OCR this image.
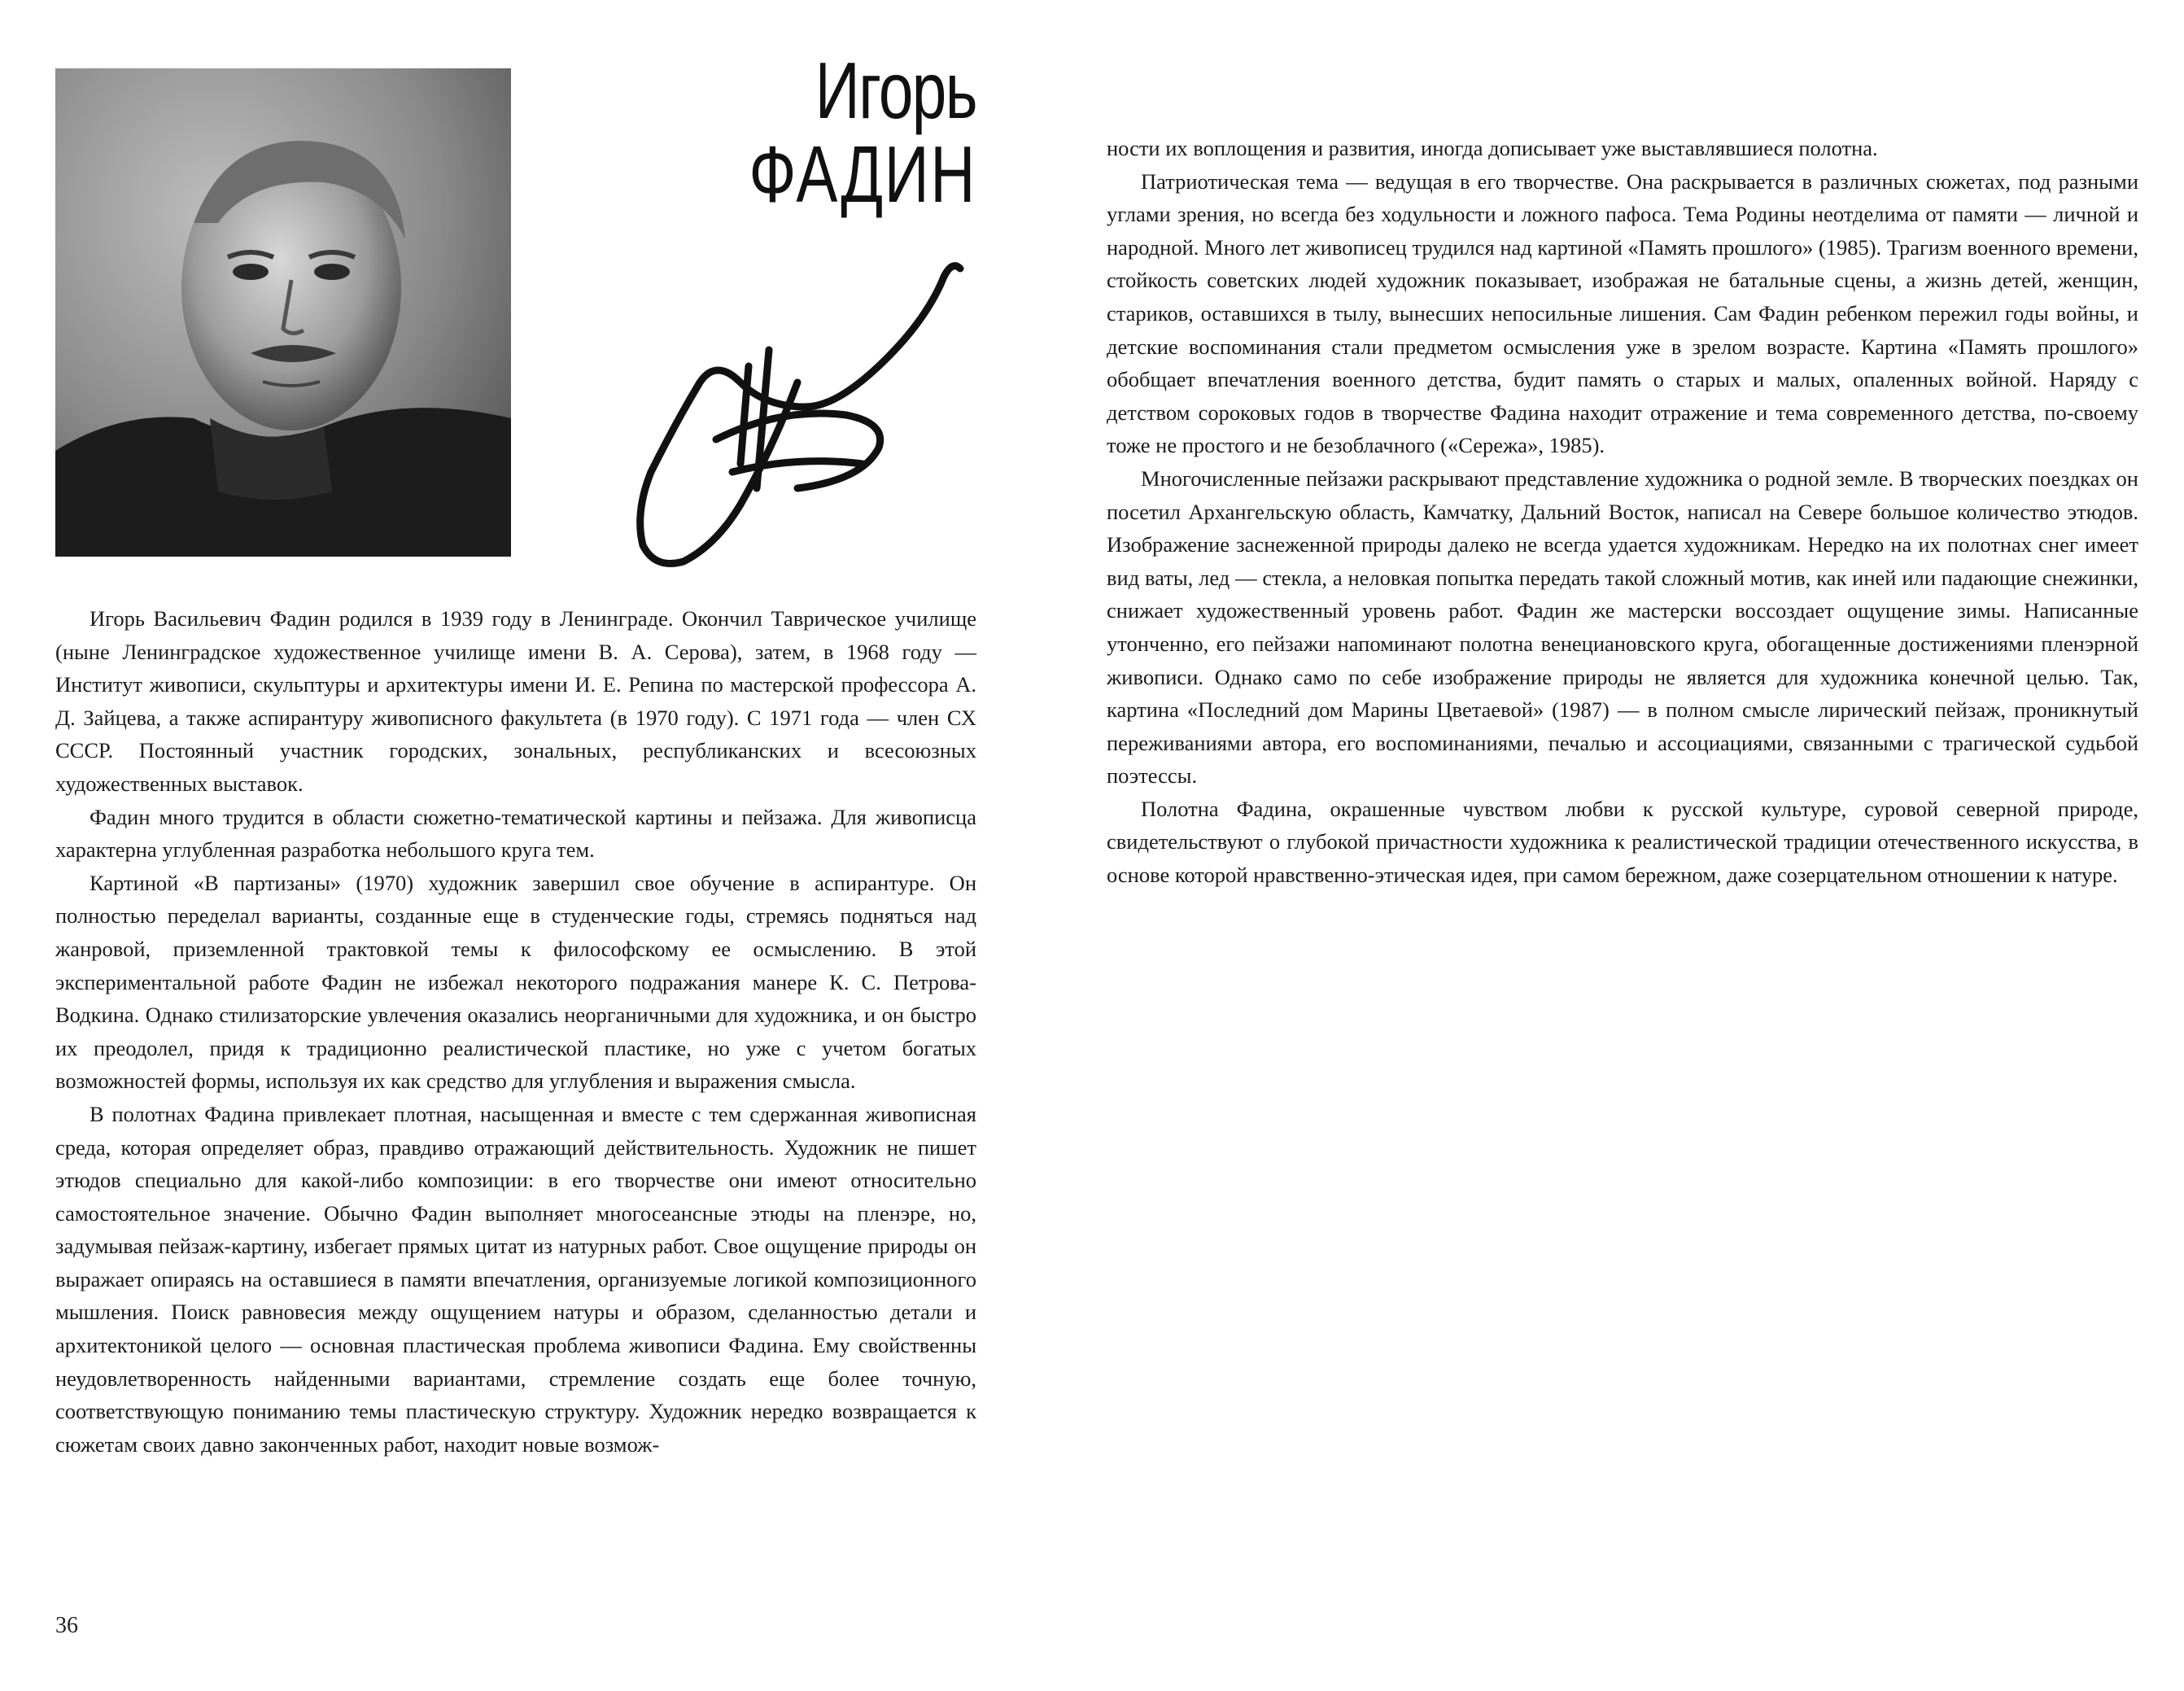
Игорь
ФАДИН

Игорь Васильевич Фадин родился в 1939 году в Ленинграде. Окончил Таврическое училище (ныне Ленинградское художественное училище имени В. А. Серова), затем, в 1968 году — Институт живописи, скульптуры и архитектуры имени И. Е. Репина по мастерской профессора А. Д. Зайцева, а также аспирантуру живописного факультета (в 1970 году). С 1971 года — член СХ СССР. Постоянный участник городских, зональных, республиканских и всесоюзных художественных выставок.

Фадин много трудится в области сюжетно-тематической картины и пейзажа. Для живописца характерна углубленная разработка небольшого круга тем.

Картиной «В партизаны» (1970) художник завершил свое обучение в аспирантуре. Он полностью переделал варианты, созданные еще в студенческие годы, стремясь подняться над жанровой, приземленной трактовкой темы к философскому ее осмыслению. В этой экспериментальной работе Фадин не избежал некоторого подражания манере К. С. Петрова-Водкина. Однако стилизаторские увлечения оказались неорганичными для художника, и он быстро их преодолел, придя к традиционно реалистической пластике, но уже с учетом богатых возможностей формы, используя их как средство для углубления и выражения смысла.

В полотнах Фадина привлекает плотная, насыщенная и вместе с тем сдержанная живописная среда, которая определяет образ, правдиво отражающий действительность. Художник не пишет этюдов специально для какой-либо композиции: в его творчестве они имеют относительно самостоятельное значение. Обычно Фадин выполняет многосеансные этюды на пленэре, но, задумывая пейзаж-картину, избегает прямых цитат из натурных работ. Свое ощущение природы он выражает опираясь на оставшиеся в памяти впечатления, организуемые логикой композиционного мышления. Поиск равновесия между ощущением натуры и образом, сделанностью детали и архитектоникой целого — основная пластическая проблема живописи Фадина. Ему свойственны неудовлетворенность найденными вариантами, стремление создать еще более точную, соответствующую пониманию темы пластическую структуру. Художник нередко возвращается к сюжетам своих давно законченных работ, находит новые возмож-

36

ности их воплощения и развития, иногда дописывает уже выставлявшиеся полотна.

Патриотическая тема — ведущая в его творчестве. Она раскрывается в различных сюжетах, под разными углами зрения, но всегда без ходульности и ложного пафоса. Тема Родины неотделима от памяти — личной и народной. Много лет живописец трудился над картиной «Память прошлого» (1985). Трагизм военного времени, стойкость советских людей художник показывает, изображая не батальные сцены, а жизнь детей, женщин, стариков, оставшихся в тылу, вынесших непосильные лишения. Сам Фадин ребенком пережил годы войны, и детские воспоминания стали предметом осмысления уже в зрелом возрасте. Картина «Память прошлого» обобщает впечатления военного детства, будит память о старых и малых, опаленных войной. Наряду с детством сороковых годов в творчестве Фадина находит отражение и тема современного детства, по-своему тоже не простого и не безоблачного («Сережа», 1985).

Многочисленные пейзажи раскрывают представление художника о родной земле. В творческих поездках он посетил Архангельскую область, Камчатку, Дальний Восток, написал на Севере большое количество этюдов. Изображение заснеженной природы далеко не всегда удается художникам. Нередко на их полотнах снег имеет вид ваты, лед — стекла, а неловкая попытка передать такой сложный мотив, как иней или падающие снежинки, снижает художественный уровень работ. Фадин же мастерски воссоздает ощущение зимы. Написанные утонченно, его пейзажи напоминают полотна венециановского круга, обогащенные достижениями пленэрной живописи. Однако само по себе изображение природы не является для художника конечной целью. Так, картина «Последний дом Марины Цветаевой» (1987) — в полном смысле лирический пейзаж, проникнутый переживаниями автора, его воспоминаниями, печалью и ассоциациями, связанными с трагической судьбой поэтессы.

Полотна Фадина, окрашенные чувством любви к русской культуре, суровой северной природе, свидетельствуют о глубокой причастности художника к реалистической традиции отечественного искусства, в основе которой нравственно-этическая идея, при самом бережном, даже созерцательном отношении к натуре.
